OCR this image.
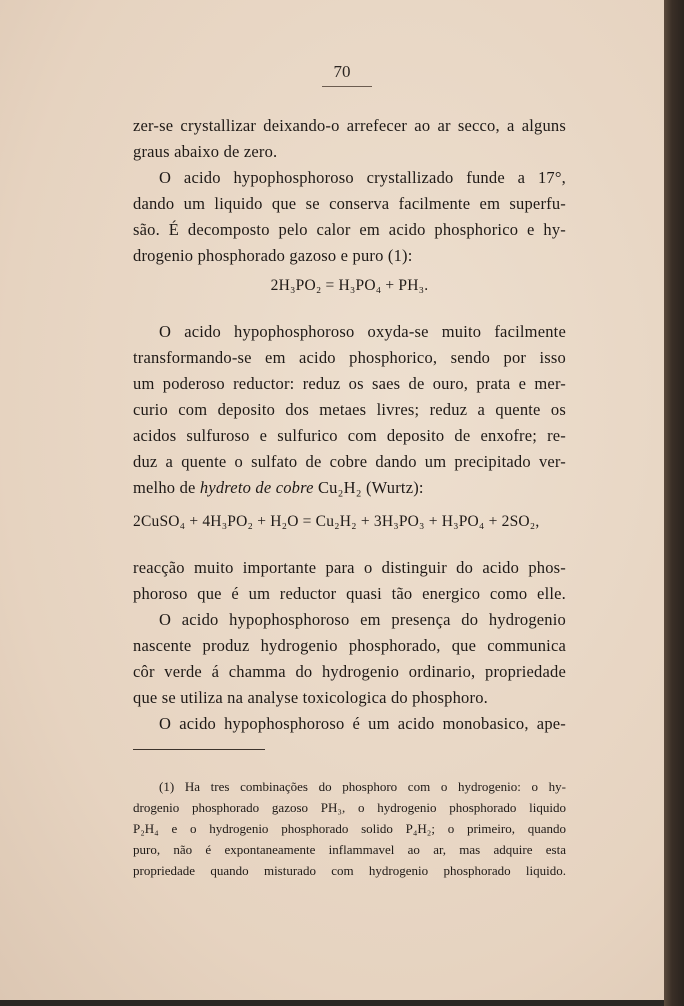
70
zer-se crystallizar deixando-o arrefecer ao ar secco, a alguns
graus abaixo de zero.
O acido hypophosphoroso crystallizado funde a 17°,
dando um liquido que se conserva facilmente em superfu-
são. É decomposto pelo calor em acido phosphorico e hy-
drogenio phosphorado gazoso e puro (1):
2H₃PO₂ = H₃PO₄ + PH₃.
O acido hypophosphoroso oxyda-se muito facilmente
transformando-se em acido phosphorico, sendo por isso
um poderoso reductor: reduz os saes de ouro, prata e mer-
curio com deposito dos metaes livres; reduz a quente os
acidos sulfuroso e sulfurico com deposito de enxofre; re-
duz a quente o sulfato de cobre dando um precipitado ver-
melho de hydreto de cobre Cu₂H₂ (Wurtz):
2CuSO₄ + 4H₃PO₂ + H₂O = Cu₂H₂ + 3H₃PO₃ + H₃PO₄ + 2SO₂,
reacção muito importante para o distinguir do acido phos-
phoroso que é um reductor quasi tão energico como elle.
O acido hypophosphoroso em presença do hydrogenio
nascente produz hydrogenio phosphorado, que communica
côr verde á chamma do hydrogenio ordinario, propriedade
que se utiliza na analyse toxicologica do phosphoro.
O acido hypophosphoroso é um acido monobasico, ape-
(1) Ha tres combinações do phosphoro com o hydrogenio: o hy-
drogenio phosphorado gazoso PH₃, o hydrogenio phosphorado liquido
P₂H₄ e o hydrogenio phosphorado solido P₄H₂; o primeiro, quando
puro, não é expontaneamente inflammavel ao ar, mas adquire esta
propriedade quando misturado com hydrogenio phosphorado liquido.
